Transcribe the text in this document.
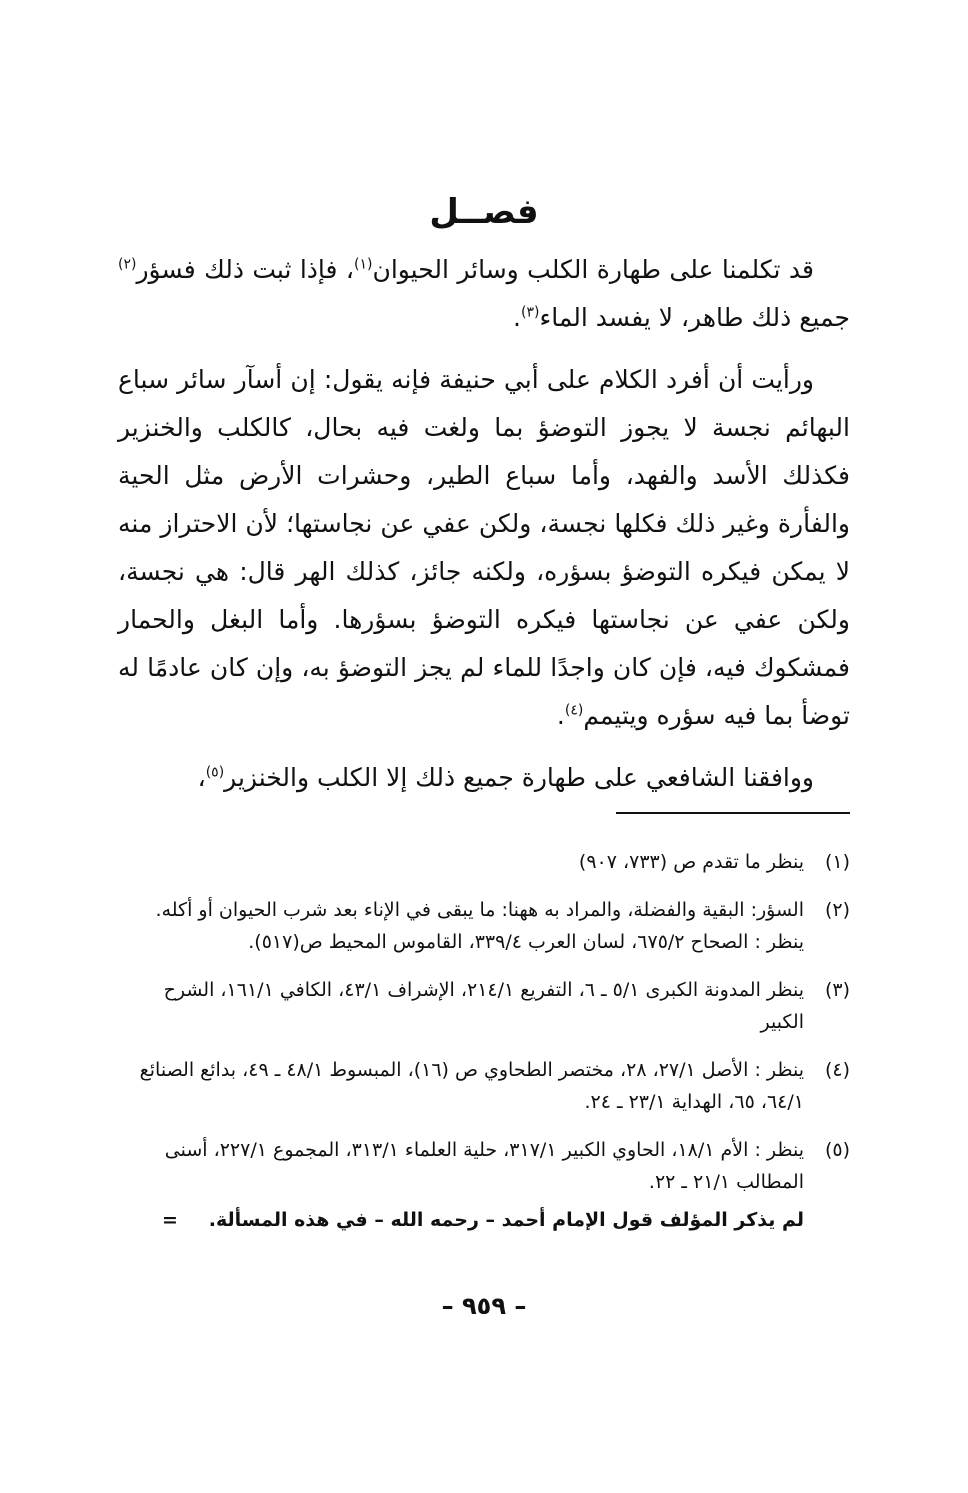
فصــل

قد تكلمنا على طهارة الكلب وسائر الحيوان$^{(١)}$، فإذا ثبت ذلك فسؤر$^{(٢)}$ جميع ذلك طاهر، لا يفسد الماء$^{(٣)}$.

ورأيت أن أفرد الكلام على أبي حنيفة فإنه يقول: إن أسآر سائر سباع البهائم نجسة لا يجوز التوضؤ بما ولغت فيه بحال، كالكلب والخنزير فكذلك الأسد والفهد، وأما سباع الطير، وحشرات الأرض مثل الحية والفأرة وغير ذلك فكلها نجسة، ولكن عفي عن نجاستها؛ لأن الاحتراز منه لا يمكن فيكره التوضؤ بسؤره، ولكنه جائز، كذلك الهر قال: هي نجسة، ولكن عفي عن نجاستها فيكره التوضؤ بسؤرها. وأما البغل والحمار فمشكوك فيه، فإن كان واجدًا للماء لم يجز التوضؤ به، وإن كان عادمًا له توضأ بما فيه سؤره ويتيمم$^{(٤)}$.

ووافقنا الشافعي على طهارة جميع ذلك إلا الكلب والخنزير$^{(٥)}$،

(١)
ينظر ما تقدم ص (٧٣٣، ٩٠٧)
(٢)
السؤر: البقية والفضلة، والمراد به ههنا: ما يبقى في الإناء بعد شرب الحيوان أو أكله. ينظر : الصحاح ٦٧٥/٢، لسان العرب ٣٣٩/٤، القاموس المحيط ص(٥١٧).
(٣)
ينظر المدونة الكبرى ٥/١ ـ ٦، التفريع ٢١٤/١، الإشراف ٤٣/١، الكافي ١٦١/١، الشرح الكبير
(٤)
ينظر : الأصل ٢٧/١، ٢٨، مختصر الطحاوي ص (١٦)، المبسوط ٤٨/١ ـ ٤٩، بدائع الصنائع ٦٤/١، ٦٥، الهداية ٢٣/١ ـ ٢٤.
(٥)
ينظر : الأم ١٨/١، الحاوي الكبير ٣١٧/١، حلية العلماء ٣١٣/١، المجموع ٢٢٧/١، أسنى المطالب ٢١/١ ـ ٢٢.
لم يذكر المؤلف قول الإمام أحمد – رحمه الله – في هذه المسألة.
=
– ٩٥٩ –
